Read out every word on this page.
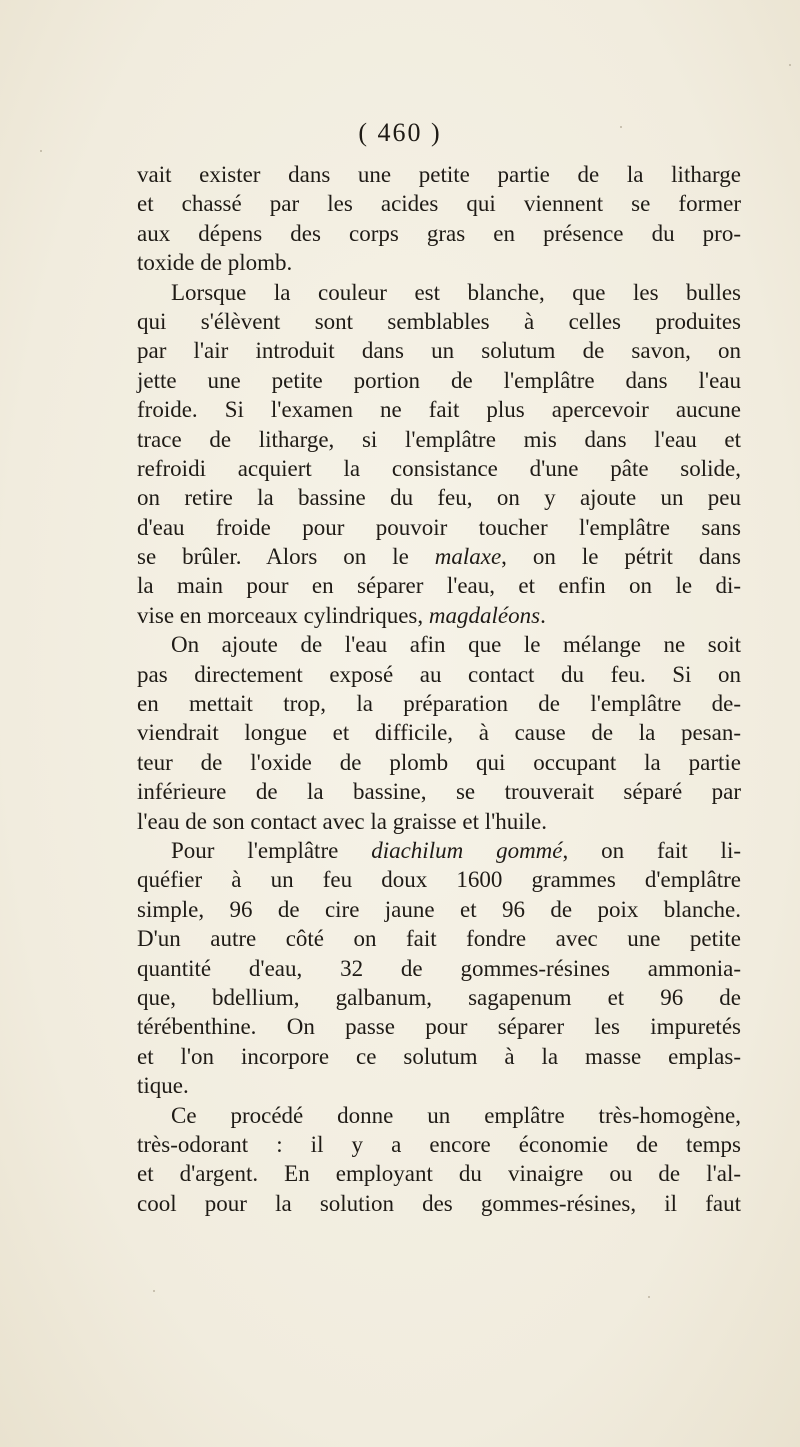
( 460 )
vait exister dans une petite partie de la litharge
et chassé par les acides qui viennent se former
aux dépens des corps gras en présence du pro-
toxide de plomb.
Lorsque la couleur est blanche, que les bulles
qui s'élèvent sont semblables à celles produites
par l'air introduit dans un solutum de savon, on
jette une petite portion de l'emplâtre dans l'eau
froide. Si l'examen ne fait plus apercevoir aucune
trace de litharge, si l'emplâtre mis dans l'eau et
refroidi acquiert la consistance d'une pâte solide,
on retire la bassine du feu, on y ajoute un peu
d'eau froide pour pouvoir toucher l'emplâtre sans
se brûler. Alors on le malaxe, on le pétrit dans
la main pour en séparer l'eau, et enfin on le di-
vise en morceaux cylindriques, magdaléons.
On ajoute de l'eau afin que le mélange ne soit
pas directement exposé au contact du feu. Si on
en mettait trop, la préparation de l'emplâtre de-
viendrait longue et difficile, à cause de la pesan-
teur de l'oxide de plomb qui occupant la partie
inférieure de la bassine, se trouverait séparé par
l'eau de son contact avec la graisse et l'huile.
Pour l'emplâtre diachilum gommé, on fait li-
quéfier à un feu doux 1600 grammes d'emplâtre
simple, 96 de cire jaune et 96 de poix blanche.
D'un autre côté on fait fondre avec une petite
quantité d'eau, 32 de gommes-résines ammonia-
que, bdellium, galbanum, sagapenum et 96 de
térébenthine. On passe pour séparer les impuretés
et l'on incorpore ce solutum à la masse emplas-
tique.
Ce procédé donne un emplâtre très-homogène,
très-odorant : il y a encore économie de temps
et d'argent. En employant du vinaigre ou de l'al-
cool pour la solution des gommes-résines, il faut
